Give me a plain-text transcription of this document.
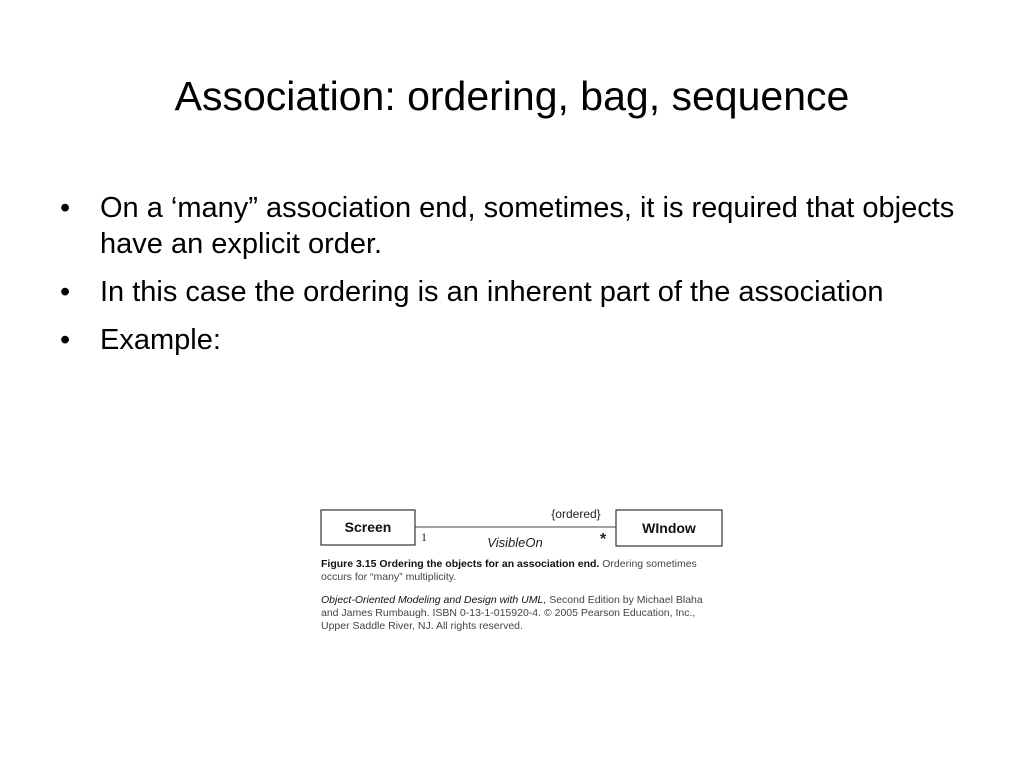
Association: ordering, bag, sequence
• On a ‘many” association end, sometimes, it is required that objects have an explicit order.
• In this case the ordering is an inherent part of the association
• Example:
Screen	WIndow
{ordered}
VisibleOn
1	*

Figure 3.15 Ordering the objects for an association end. Ordering sometimes occurs for “many” multiplicity.

Object-Oriented Modeling and Design with UML, Second Edition by Michael Blaha and James Rumbaugh. ISBN 0-13-1-015920-4. © 2005 Pearson Education, Inc., Upper Saddle River, NJ. All rights reserved.
